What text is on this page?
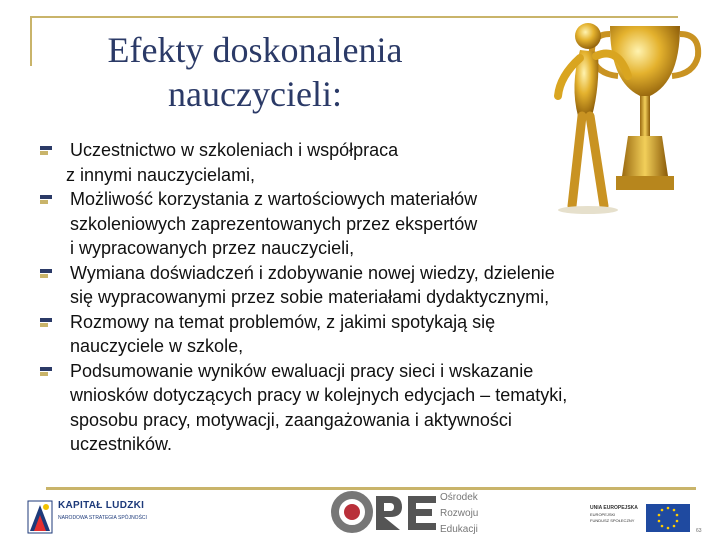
Efekty doskonalenia
nauczycieli:
Uczestnictwo w szkoleniach i współpraca
z innymi nauczycielami,
Możliwość korzystania z wartościowych materiałów
szkoleniowych zaprezentowanych przez ekspertów
i wypracowanych przez nauczycieli,
Wymiana doświadczeń i zdobywanie nowej wiedzy, dzielenie
się wypracowanymi przez sobie materiałami dydaktycznymi,
Rozmowy na temat problemów, z jakimi spotykają się
nauczyciele w szkole,
Podsumowanie wyników ewaluacji pracy sieci i wskazanie
wniosków dotyczących pracy w kolejnych edycjach – tematyki,
sposobu pracy, motywacji, zaangażowania i aktywności
uczestników.
KAPITAŁ LUDZKI
NARODOWA STRATEGIA SPÓJNOŚCI
Ośrodek
Rozwoju
Edukacji
UNIA EUROPEJSKA
EUROPEJSKI
FUNDUSZ SPOŁECZNY
63
